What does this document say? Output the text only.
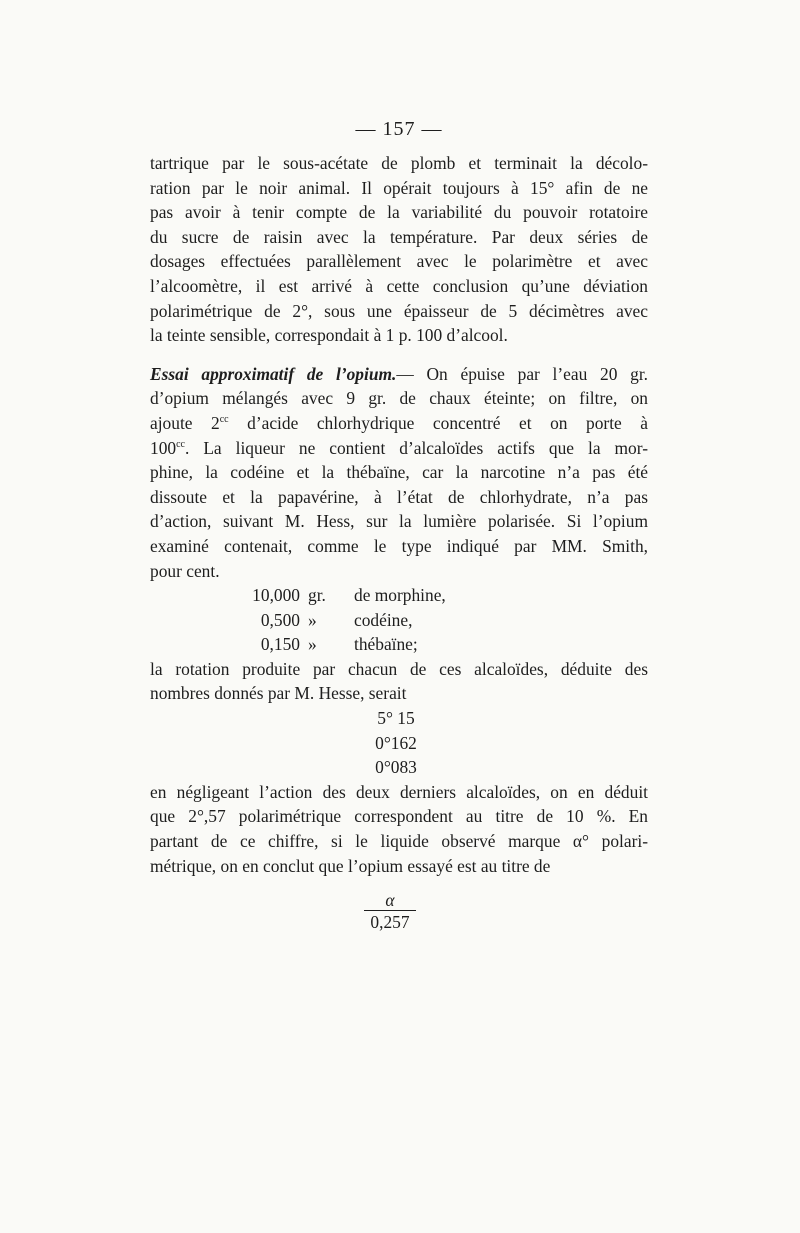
— 157 —

tartrique par le sous-acétate de plomb et terminait la décolo-
ration par le noir animal. Il opérait toujours à 15° afin de ne
pas avoir à tenir compte de la variabilité du pouvoir rotatoire
du sucre de raisin avec la température. Par deux séries de
dosages effectuées parallèlement avec le polarimètre et avec
l’alcoomètre, il est arrivé à cette conclusion qu’une déviation
polarimétrique de 2°, sous une épaisseur de 5 décimètres avec
la teinte sensible, correspondait à 1 p. 100 d’alcool.

Essai approximatif de l’opium.— On épuise par l’eau 20 gr.
d’opium mélangés avec 9 gr. de chaux éteinte; on filtre, on
ajoute $2^{cc}$ d’acide chlorhydrique concentré et on porte à
$100^{cc}$. La liqueur ne contient d’alcaloïdes actifs que la mor-
phine, la codéine et la thébaïne, car la narcotine n’a pas été
dissoute et la papavérine, à l’état de chlorhydrate, n’a pas
d’action, suivant M. Hess, sur la lumière polarisée. Si l’opium
examiné contenait, comme le type indiqué par MM. Smith,
pour cent.

10,000 gr.	de morphine,
0,500 »	codéine,
0,150 »	thébaïne;

la rotation produite par chacun de ces alcaloïdes, déduite des
nombres donnés par M. Hesse, serait

5° 15
0°162
0°083

en négligeant l’action des deux derniers alcaloïdes, on en déduit
que 2°,57 polarimétrique correspondent au titre de 10 %. En
partant de ce chiffre, si le liquide observé marque α° polari-
métrique, on en conclut que l’opium essayé est au titre de

α
0,257
